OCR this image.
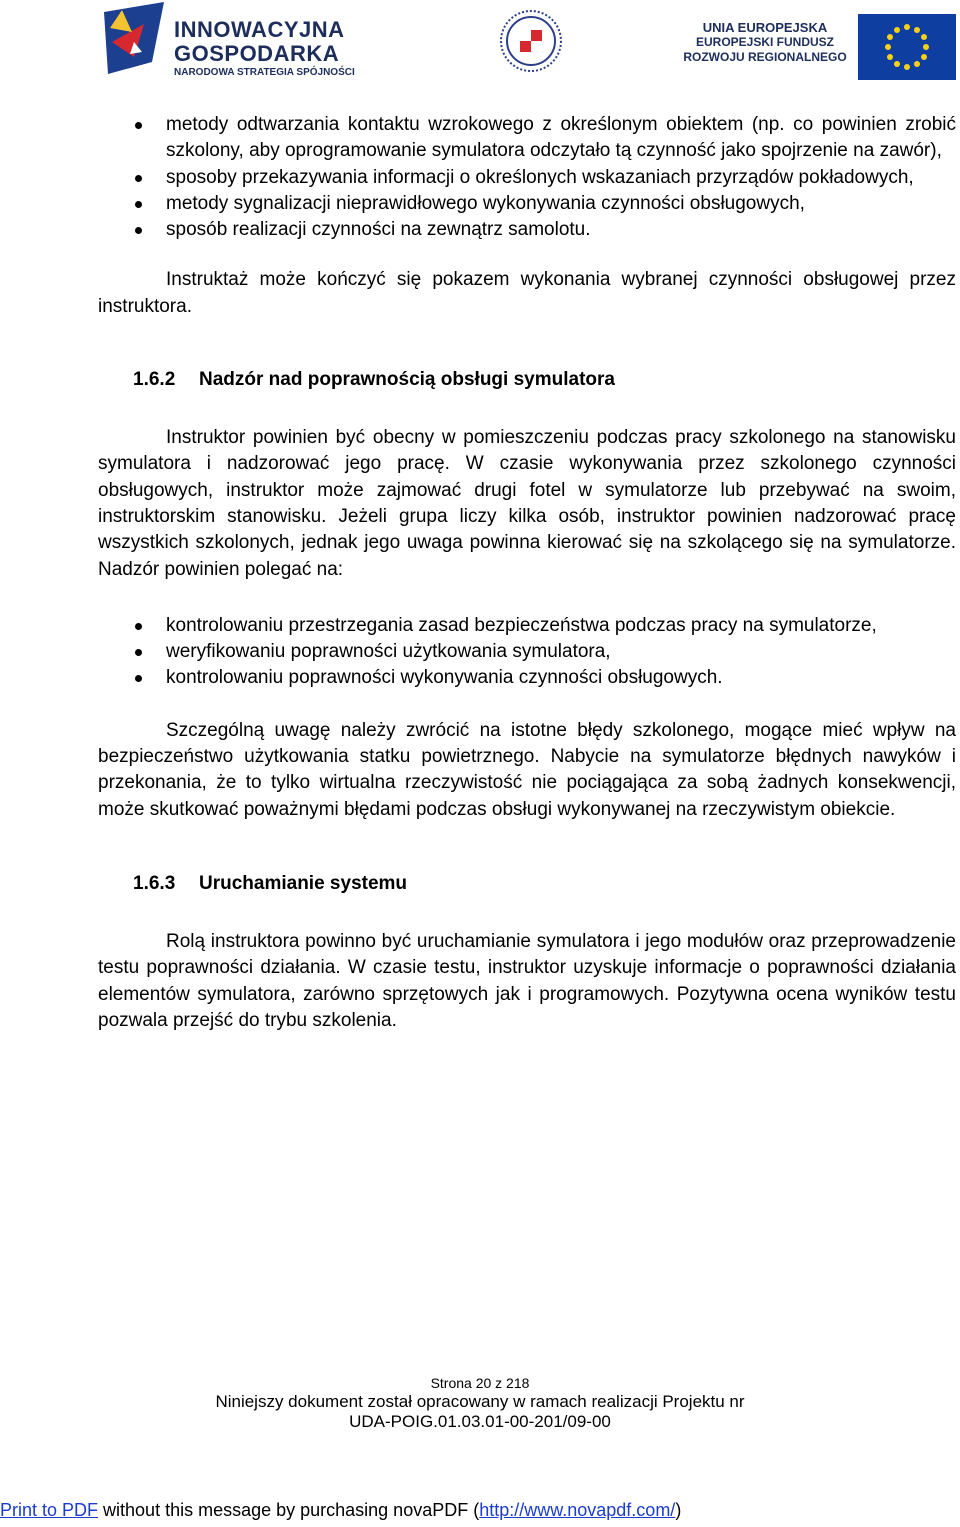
INNOWACYJNA
GOSPODARKA
NARODOWA STRATEGIA SPÓJNOŚCI
UNIA EUROPEJSKA
EUROPEJSKI FUNDUSZ
ROZWOJU REGIONALNEGO
metody odtwarzania kontaktu wzrokowego z określonym obiektem (np. co powinien zrobić szkolony, aby oprogramowanie symulatora odczytało tą czynność jako spojrzenie na zawór),
sposoby przekazywania informacji o określonych wskazaniach przyrządów pokładowych,
metody sygnalizacji nieprawidłowego wykonywania czynności obsługowych,
sposób realizacji czynności na zewnątrz samolotu.

Instruktaż może kończyć się pokazem wykonania wybranej czynności obsługowej przez instruktora.

1.6.2 Nadzór nad poprawnością obsługi symulatora

Instruktor powinien być obecny w pomieszczeniu podczas pracy szkolonego na stanowisku symulatora i nadzorować jego pracę. W czasie wykonywania przez szkolonego czynności obsługowych, instruktor może zajmować drugi fotel w symulatorze lub przebywać na swoim, instruktorskim stanowisku. Jeżeli grupa liczy kilka osób, instruktor powinien nadzorować pracę wszystkich szkolonych, jednak jego uwaga powinna kierować się na szkolącego się na symulatorze. Nadzór powinien polegać na:

kontrolowaniu przestrzegania zasad bezpieczeństwa podczas pracy na symulatorze,
weryfikowaniu poprawności użytkowania symulatora,
kontrolowaniu poprawności wykonywania czynności obsługowych.

Szczególną uwagę należy zwrócić na istotne błędy szkolonego, mogące mieć wpływ na bezpieczeństwo użytkowania statku powietrznego. Nabycie na symulatorze błędnych nawyków i przekonania, że to tylko wirtualna rzeczywistość nie pociągająca za sobą żadnych konsekwencji, może skutkować poważnymi błędami podczas obsługi wykonywanej na rzeczywistym obiekcie.

1.6.3 Uruchamianie systemu

Rolą instruktora powinno być uruchamianie symulatora i jego modułów oraz przeprowadzenie testu poprawności działania. W czasie testu, instruktor uzyskuje informacje o poprawności działania elementów symulatora, zarówno sprzętowych jak i programowych. Pozytywna ocena wyników testu pozwala przejść do trybu szkolenia.

Strona 20 z 218
Niniejszy dokument został opracowany w ramach realizacji Projektu nr
UDA-POIG.01.03.01-00-201/09-00
Print to PDF without this message by purchasing novaPDF (http://www.novapdf.com/)
